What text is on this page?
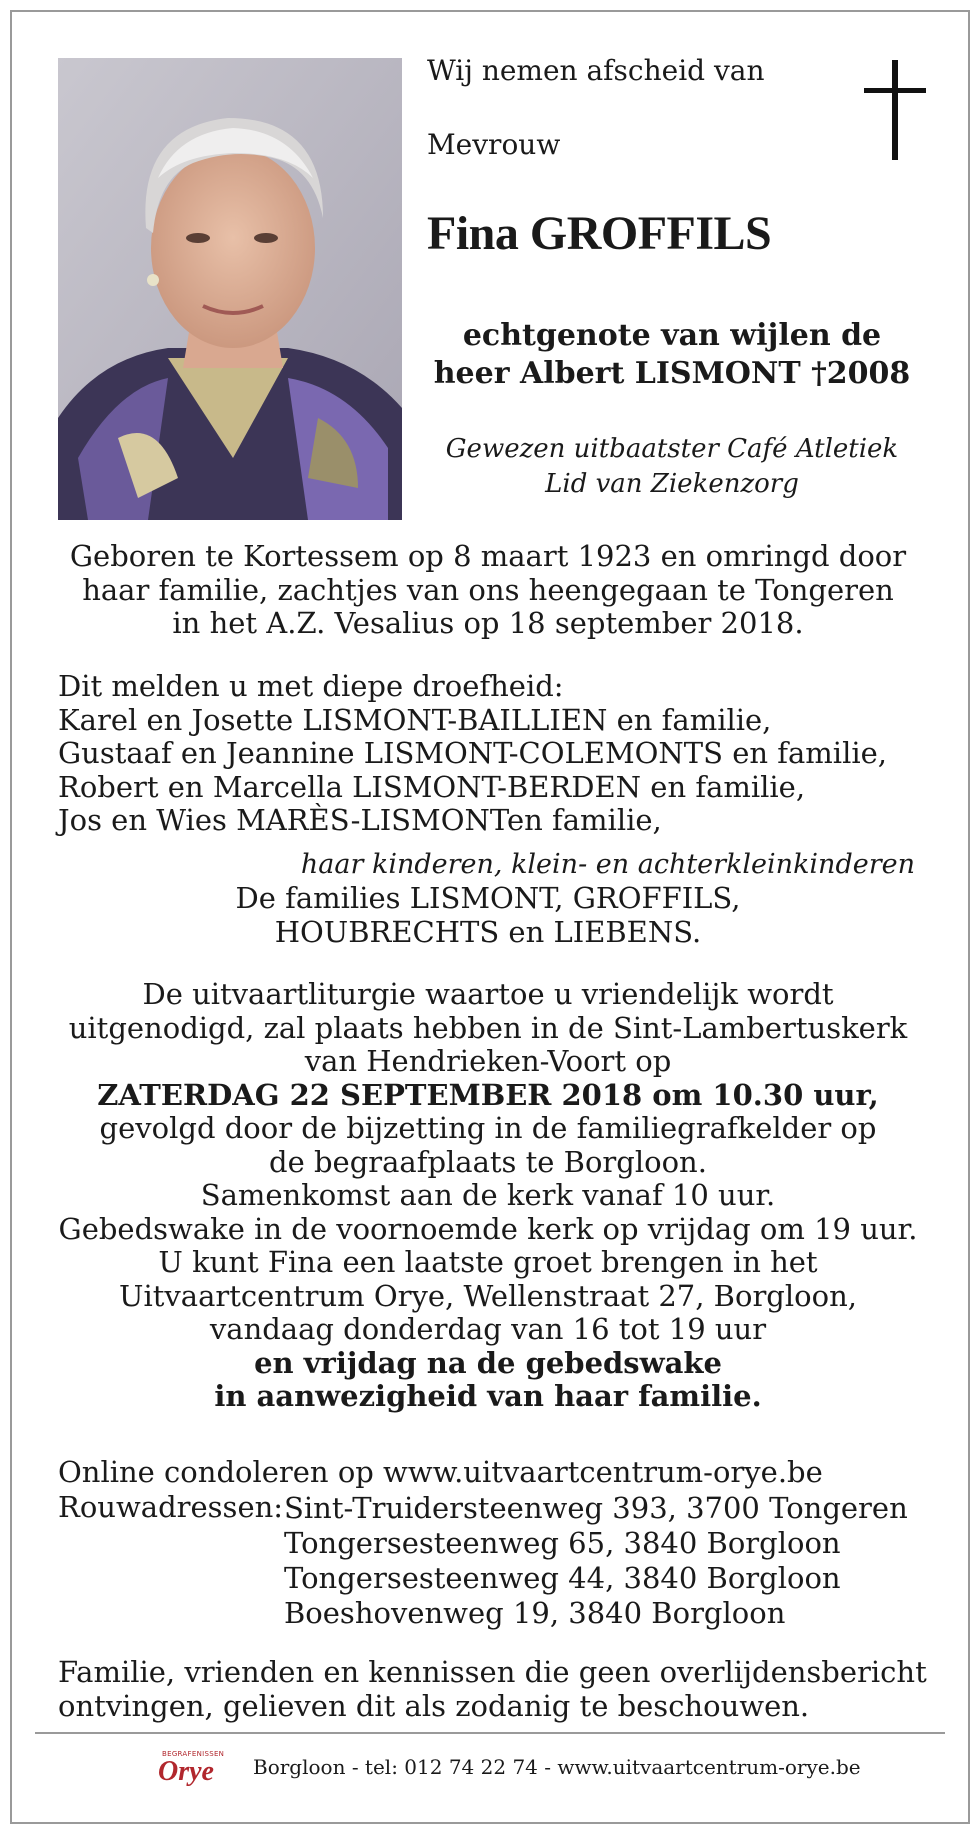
Wij nemen afscheid van
Mevrouw
Fina GROFFILS
echtgenote van wijlen de
heer Albert LISMONT †2008
Gewezen uitbaatster Café Atletiek
Lid van Ziekenzorg
Geboren te Kortessem op 8 maart 1923 en omringd door
haar familie, zachtjes van ons heengegaan te Tongeren
in het A.Z. Vesalius op 18 september 2018.
Dit melden u met diepe droefheid:
Karel en Josette LISMONT-BAILLIEN en familie,
Gustaaf en Jeannine LISMONT-COLEMONTS en familie,
Robert en Marcella LISMONT-BERDEN en familie,
Jos en Wies MARÈS-LISMONTen familie,
haar kinderen, klein- en achterkleinkinderen
De families LISMONT, GROFFILS,
HOUBRECHTS en LIEBENS.
De uitvaartliturgie waartoe u vriendelijk wordt
uitgenodigd, zal plaats hebben in de Sint-Lambertuskerk
van Hendrieken-Voort op
ZATERDAG 22 SEPTEMBER 2018 om 10.30 uur,
gevolgd door de bijzetting in de familiegrafkelder op
de begraafplaats te Borgloon.
Samenkomst aan de kerk vanaf 10 uur.
Gebedswake in de voornoemde kerk op vrijdag om 19 uur.
U kunt Fina een laatste groet brengen in het
Uitvaartcentrum Orye, Wellenstraat 27, Borgloon,
vandaag donderdag van 16 tot 19 uur
en vrijdag na de gebedswake
in aanwezigheid van haar familie.
Online condoleren op www.uitvaartcentrum-orye.be
Rouwadressen: Sint-Truidersteenweg 393, 3700 Tongeren
Tongersesteenweg 65, 3840 Borgloon
Tongersesteenweg 44, 3840 Borgloon
Boeshovenweg 19, 3840 Borgloon
Familie, vrienden en kennissen die geen overlijdensbericht
ontvingen, gelieven dit als zodanig te beschouwen.
BEGRAFENISSEN
Orye Borgloon - tel: 012 74 22 74 - www.uitvaartcentrum-orye.be
